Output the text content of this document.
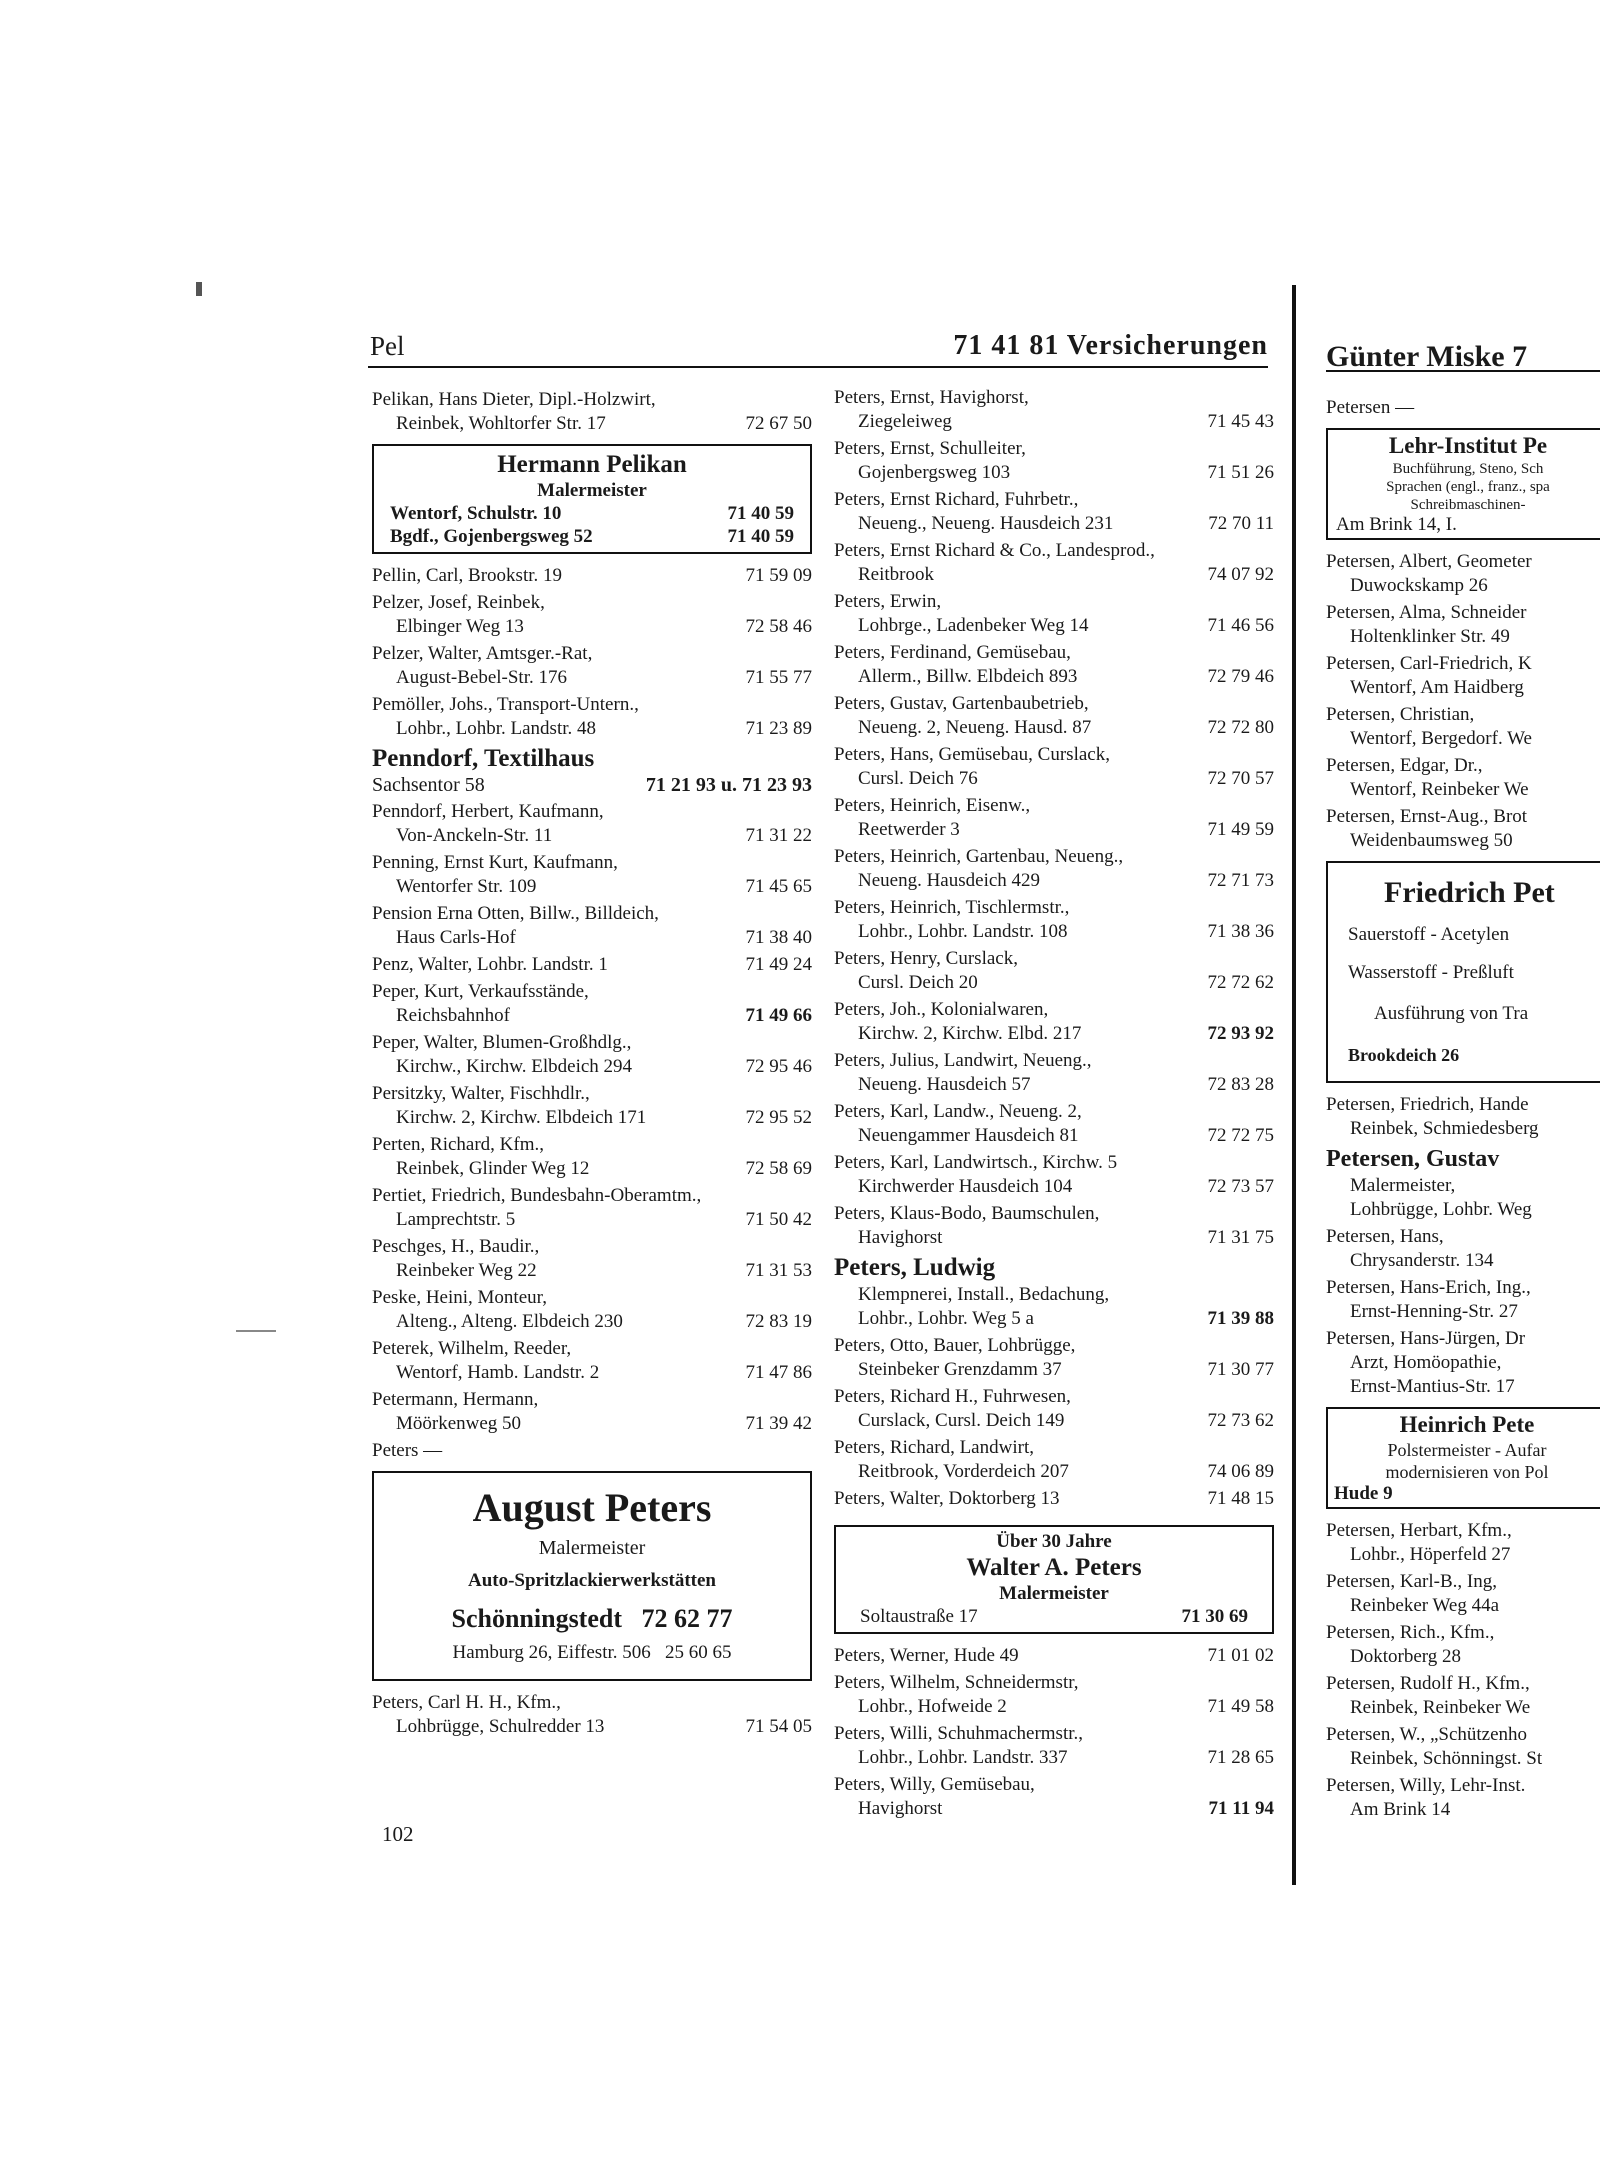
Pel	71 41 81 Versicherungen Günter Miske 7
Pelikan, Hans Dieter, Dipl.-Holzwirt,
Reinbek, Wohltorfer Str. 17	72 67 50
Hermann Pelikan
Malermeister
Wentorf, Schulstr. 10	71 40 59
Bgdf., Gojenbergsweg 52	71 40 59
Pellin, Carl, Brookstr. 19	71 59 09
Pelzer, Josef, Reinbek,
Elbinger Weg 13	72 58 46
Pelzer, Walter, Amtsger.-Rat,
August-Bebel-Str. 176	71 55 77
Pemöller, Johs., Transport-Untern.,
Lohbr., Lohbr. Landstr. 48	71 23 89
Penndorf, Textilhaus
Sachsentor 58	71 21 93 u. 71 23 93
Penndorf, Herbert, Kaufmann,
Von-Anckeln-Str. 11	71 31 22
Penning, Ernst Kurt, Kaufmann,
Wentorfer Str. 109	71 45 65
Pension Erna Otten, Billw., Billdeich,
Haus Carls-Hof	71 38 40
Penz, Walter, Lohbr. Landstr. 1	71 49 24
Peper, Kurt, Verkaufsstände,
Reichsbahnhof	71 49 66
Peper, Walter, Blumen-Großhdlg.,
Kirchw., Kirchw. Elbdeich 294	72 95 46
Persitzky, Walter, Fischhdlr.,
Kirchw. 2, Kirchw. Elbdeich 171	72 95 52
Perten, Richard, Kfm.,
Reinbek, Glinder Weg 12	72 58 69
Pertiet, Friedrich, Bundesbahn-Oberamtm.,
Lamprechtstr. 5	71 50 42
Peschges, H., Baudir.,
Reinbeker Weg 22	71 31 53
Peske, Heini, Monteur,
Alteng., Alteng. Elbdeich 230	72 83 19
Peterek, Wilhelm, Reeder,
Wentorf, Hamb. Landstr. 2	71 47 86
Petermann, Hermann,
Möörkenweg 50	71 39 42
Peters —
August Peters
Malermeister
Auto-Spritzlackierwerkstätten
Schönningstedt 72 62 77
Hamburg 26, Eiffestr. 506 25 60 65
Peters, Carl H. H., Kfm.,
Lohbrügge, Schulredder 13	71 54 05
102
Peters, Ernst, Havighorst,
Ziegeleiweg	71 45 43
Peters, Ernst, Schulleiter,
Gojenbergsweg 103	71 51 26
Peters, Ernst Richard, Fuhrbetr.,
Neueng., Neueng. Hausdeich 231	72 70 11
Peters, Ernst Richard & Co., Landesprod.,
Reitbrook	74 07 92
Peters, Erwin,
Lohbrge., Ladenbeker Weg 14	71 46 56
Peters, Ferdinand, Gemüsebau,
Allerm., Billw. Elbdeich 893	72 79 46
Peters, Gustav, Gartenbaubetrieb,
Neueng. 2, Neueng. Hausd. 87	72 72 80
Peters, Hans, Gemüsebau, Curslack,
Cursl. Deich 76	72 70 57
Peters, Heinrich, Eisenw.,
Reetwerder 3	71 49 59
Peters, Heinrich, Gartenbau, Neueng.,
Neueng. Hausdeich 429	72 71 73
Peters, Heinrich, Tischlermstr.,
Lohbr., Lohbr. Landstr. 108	71 38 36
Peters, Henry, Curslack,
Cursl. Deich 20	72 72 62
Peters, Joh., Kolonialwaren,
Kirchw. 2, Kirchw. Elbd. 217	72 93 92
Peters, Julius, Landwirt, Neueng.,
Neueng. Hausdeich 57	72 83 28
Peters, Karl, Landw., Neueng. 2,
Neuengammer Hausdeich 81	72 72 75
Peters, Karl, Landwirtsch., Kirchw. 5
Kirchwerder Hausdeich 104	72 73 57
Peters, Klaus-Bodo, Baumschulen,
Havighorst	71 31 75
Peters, Ludwig
Klempnerei, Install., Bedachung,
Lohbr., Lohbr. Weg 5 a	71 39 88
Peters, Otto, Bauer, Lohbrügge,
Steinbeker Grenzdamm 37	71 30 77
Peters, Richard H., Fuhrwesen,
Curslack, Cursl. Deich 149	72 73 62
Peters, Richard, Landwirt,
Reitbrook, Vorderdeich 207	74 06 89
Peters, Walter, Doktorberg 13	71 48 15
Über 30 Jahre
Walter A. Peters
Malermeister
Soltaustraße 17	71 30 69
Peters, Werner, Hude 49	71 01 02
Peters, Wilhelm, Schneidermstr,
Lohbr., Hofweide 2	71 49 58
Peters, Willi, Schuhmachermstr.,
Lohbr., Lohbr. Landstr. 337	71 28 65
Peters, Willy, Gemüsebau,
Havighorst	71 11 94
Petersen —
Lehr-Institut Pe
Buchführung, Steno, Sch
Sprachen (engl., franz., spa
Schreibmaschinen-
Am Brink 14, I.
Petersen, Albert, Geometer
Duwockskamp 26
Petersen, Alma, Schneider
Holtenklinker Str. 49
Petersen, Carl-Friedrich, K
Wentorf, Am Haidberg
Petersen, Christian,
Wentorf, Bergedorf. We
Petersen, Edgar, Dr.,
Wentorf, Reinbeker We
Petersen, Ernst-Aug., Brot
Weidenbaumsweg 50
Friedrich Pet
Sauerstoff - Acetylen
Wasserstoff - Preßluft
Ausführung von Tra
Brookdeich 26
Petersen, Friedrich, Hande
Reinbek, Schmiedesberg
Petersen, Gustav
Malermeister,
Lohbrügge, Lohbr. Weg
Petersen, Hans,
Chrysanderstr. 134
Petersen, Hans-Erich, Ing.,
Ernst-Henning-Str. 27
Petersen, Hans-Jürgen, Dr
Arzt, Homöopathie,
Ernst-Mantius-Str. 17
Heinrich Pete
Polstermeister - Aufar
modernisieren von Pol
Hude 9
Petersen, Herbart, Kfm.,
Lohbr., Höperfeld 27
Petersen, Karl-B., Ing,
Reinbeker Weg 44a
Petersen, Rich., Kfm.,
Doktorberg 28
Petersen, Rudolf H., Kfm.,
Reinbek, Reinbeker We
Petersen, W., „Schützenho
Reinbek, Schönningst. St
Petersen, Willy, Lehr-Inst.
Am Brink 14
